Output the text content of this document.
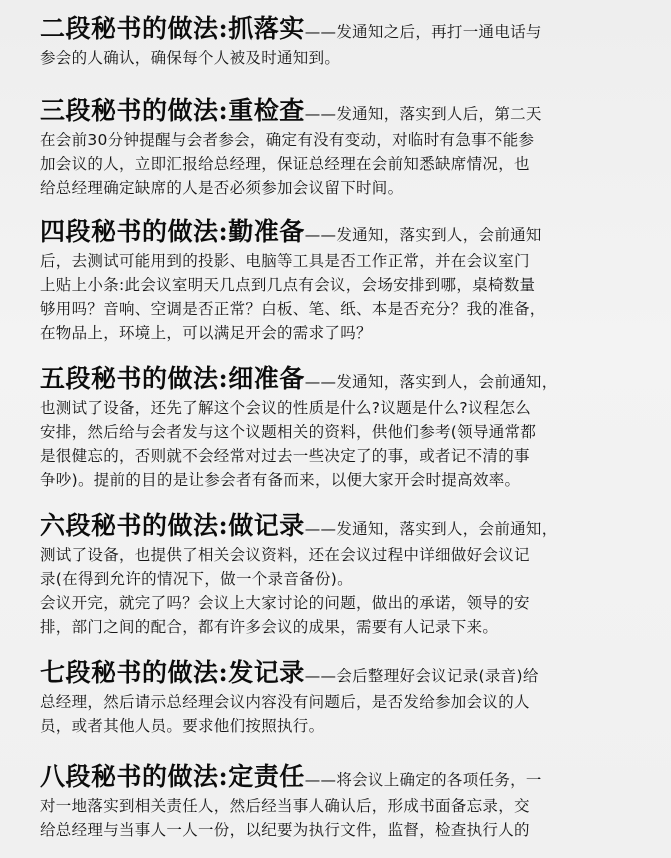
二段秘书的做法:抓落实——发通知之后，再打一通电话与
参会的人确认，确保每个人被及时通知到。
三段秘书的做法:重检查——发通知，落实到人后，第二天
在会前30分钟提醒与会者参会，确定有没有变动，对临时有急事不能参
加会议的人，立即汇报给总经理，保证总经理在会前知悉缺席情况，也
给总经理确定缺席的人是否必须参加会议留下时间。
四段秘书的做法:勤准备——发通知，落实到人，会前通知
后，去测试可能用到的投影、电脑等工具是否工作正常，并在会议室门
上贴上小条:此会议室明天几点到几点有会议，会场安排到哪，桌椅数量
够用吗？音响、空调是否正常？白板、笔、纸、本是否充分？我的准备，
在物品上，环境上，可以满足开会的需求了吗？
五段秘书的做法:细准备——发通知，落实到人，会前通知，
也测试了设备，还先了解这个会议的性质是什么?议题是什么?议程怎么
安排，然后给与会者发与这个议题相关的资料，供他们参考(领导通常都
是很健忘的，否则就不会经常对过去一些决定了的事，或者记不清的事
争吵)。提前的目的是让参会者有备而来，以便大家开会时提高效率。
六段秘书的做法:做记录——发通知，落实到人，会前通知，
测试了设备，也提供了相关会议资料，还在会议过程中详细做好会议记
录(在得到允许的情况下，做一个录音备份)。
会议开完，就完了吗？会议上大家讨论的问题，做出的承诺，领导的安
排，部门之间的配合，都有许多会议的成果，需要有人记录下来。
七段秘书的做法:发记录——会后整理好会议记录(录音)给
总经理，然后请示总经理会议内容没有问题后，是否发给参加会议的人
员，或者其他人员。要求他们按照执行。
八段秘书的做法:定责任——将会议上确定的各项任务，一
对一地落实到相关责任人，然后经当事人确认后，形成书面备忘录，交
给总经理与当事人一人一份，以纪要为执行文件，监督，检查执行人的
